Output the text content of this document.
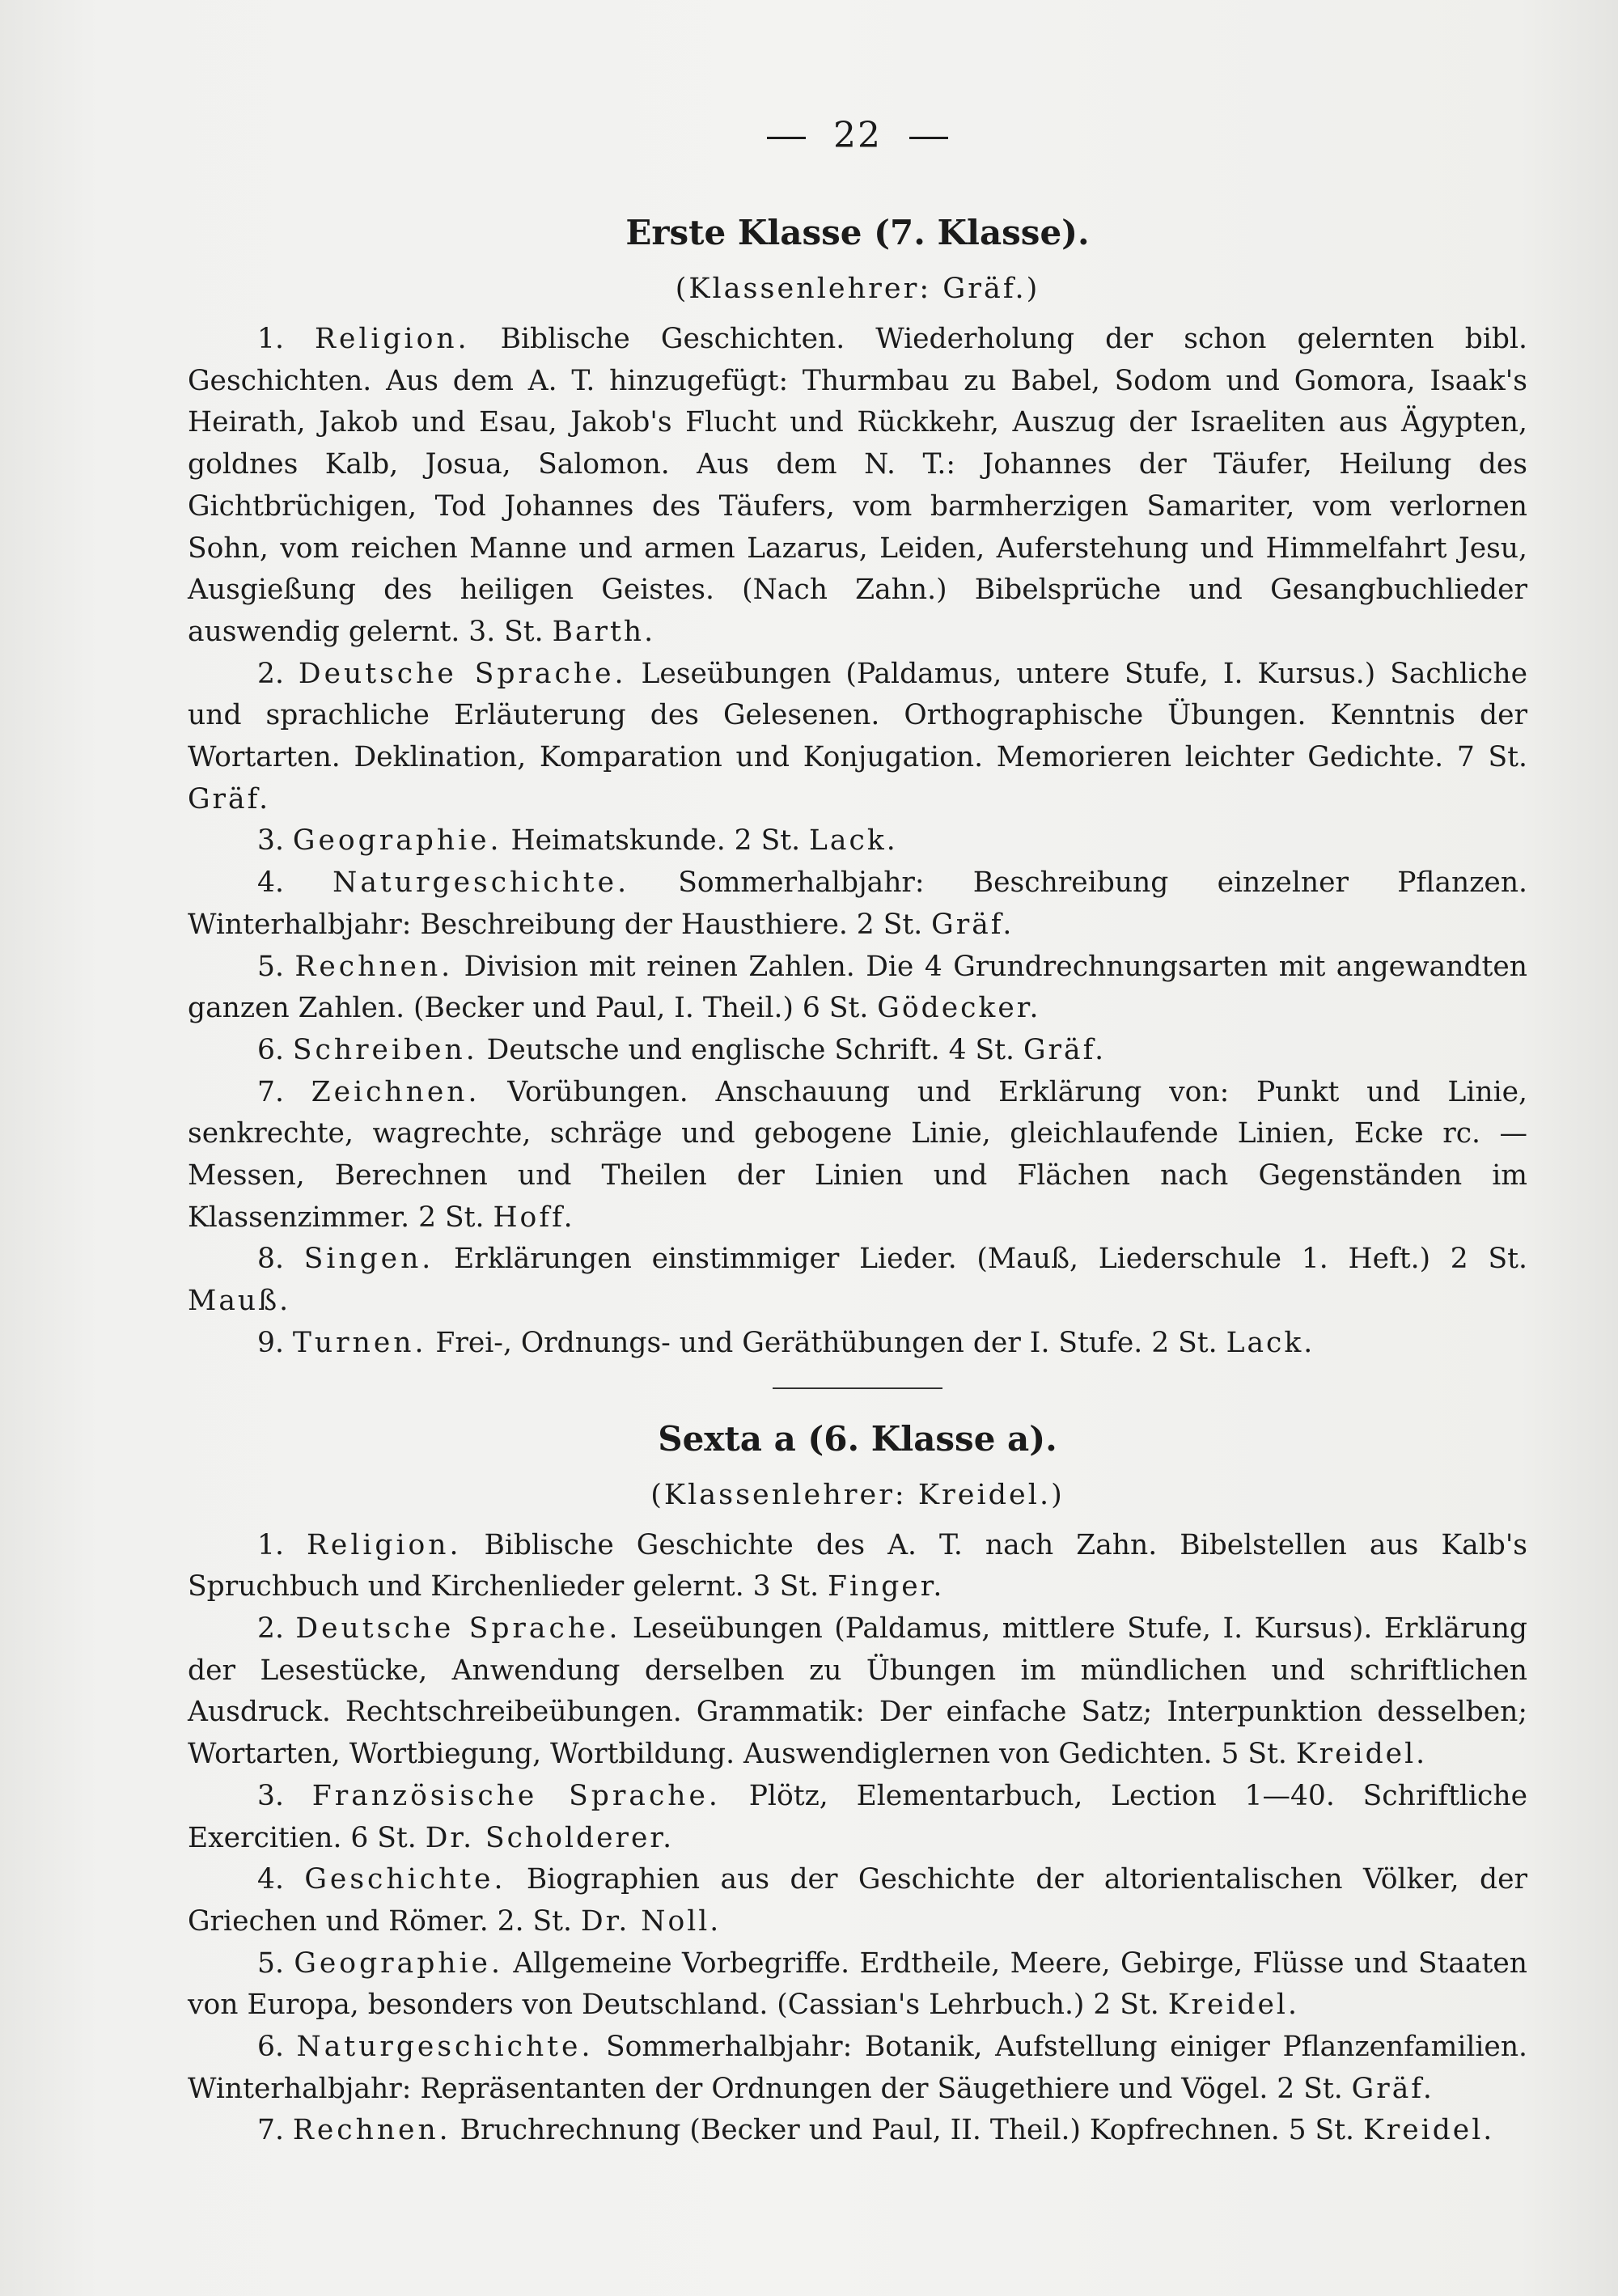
22
Erste Klasse (7. Klasse).
(Klassenlehrer: Gräf.)

1. Religion. Biblische Geschichten. Wiederholung der schon gelernten bibl. Geschichten. Aus dem A. T. hinzugefügt: Thurmbau zu Babel, Sodom und Gomora, Isaak's Heirath, Jakob und Esau, Jakob's Flucht und Rückkehr, Auszug der Israeliten aus Ägypten, goldnes Kalb, Josua, Salomon. Aus dem N. T.: Johannes der Täufer, Heilung des Gichtbrüchigen, Tod Johannes des Täufers, vom barmherzigen Samariter, vom verlornen Sohn, vom reichen Manne und armen Lazarus, Leiden, Auferstehung und Himmelfahrt Jesu, Ausgießung des heiligen Geistes. (Nach Zahn.) Bibelsprüche und Gesangbuchlieder auswendig gelernt. 3. St. Barth.

2. Deutsche Sprache. Leseübungen (Paldamus, untere Stufe, I. Kursus.) Sachliche und sprachliche Erläuterung des Gelesenen. Orthographische Übungen. Kenntnis der Wortarten. Deklination, Komparation und Konjugation. Memorieren leichter Gedichte. 7 St. Gräf.

3. Geographie. Heimatskunde. 2 St. Lack.

4. Naturgeschichte. Sommerhalbjahr: Beschreibung einzelner Pflanzen. Winterhalbjahr: Beschreibung der Hausthiere. 2 St. Gräf.

5. Rechnen. Division mit reinen Zahlen. Die 4 Grundrechnungsarten mit angewandten ganzen Zahlen. (Becker und Paul, I. Theil.) 6 St. Gödecker.

6. Schreiben. Deutsche und englische Schrift. 4 St. Gräf.

7. Zeichnen. Vorübungen. Anschauung und Erklärung von: Punkt und Linie, senkrechte, wagrechte, schräge und gebogene Linie, gleichlaufende Linien, Ecke rc. — Messen, Berechnen und Theilen der Linien und Flächen nach Gegenständen im Klassenzimmer. 2 St. Hoff.

8. Singen. Erklärungen einstimmiger Lieder. (Mauß, Liederschule 1. Heft.) 2 St. Mauß.

9. Turnen. Frei-, Ordnungs- und Geräthübungen der I. Stufe. 2 St. Lack.

Sexta a (6. Klasse a).
(Klassenlehrer: Kreidel.)

1. Religion. Biblische Geschichte des A. T. nach Zahn. Bibelstellen aus Kalb's Spruchbuch und Kirchenlieder gelernt. 3 St. Finger.

2. Deutsche Sprache. Leseübungen (Paldamus, mittlere Stufe, I. Kursus). Erklärung der Lesestücke, Anwendung derselben zu Übungen im mündlichen und schriftlichen Ausdruck. Rechtschreibeübungen. Grammatik: Der einfache Satz; Interpunktion desselben; Wortarten, Wortbiegung, Wortbildung. Auswendiglernen von Gedichten. 5 St. Kreidel.

3. Französische Sprache. Plötz, Elementarbuch, Lection 1—40. Schriftliche Exercitien. 6 St. Dr. Scholderer.

4. Geschichte. Biographien aus der Geschichte der altorientalischen Völker, der Griechen und Römer. 2. St. Dr. Noll.

5. Geographie. Allgemeine Vorbegriffe. Erdtheile, Meere, Gebirge, Flüsse und Staaten von Europa, besonders von Deutschland. (Cassian's Lehrbuch.) 2 St. Kreidel.

6. Naturgeschichte. Sommerhalbjahr: Botanik, Aufstellung einiger Pflanzenfamilien. Winterhalbjahr: Repräsentanten der Ordnungen der Säugethiere und Vögel. 2 St. Gräf.

7. Rechnen. Bruchrechnung (Becker und Paul, II. Theil.) Kopfrechnen. 5 St. Kreidel.
